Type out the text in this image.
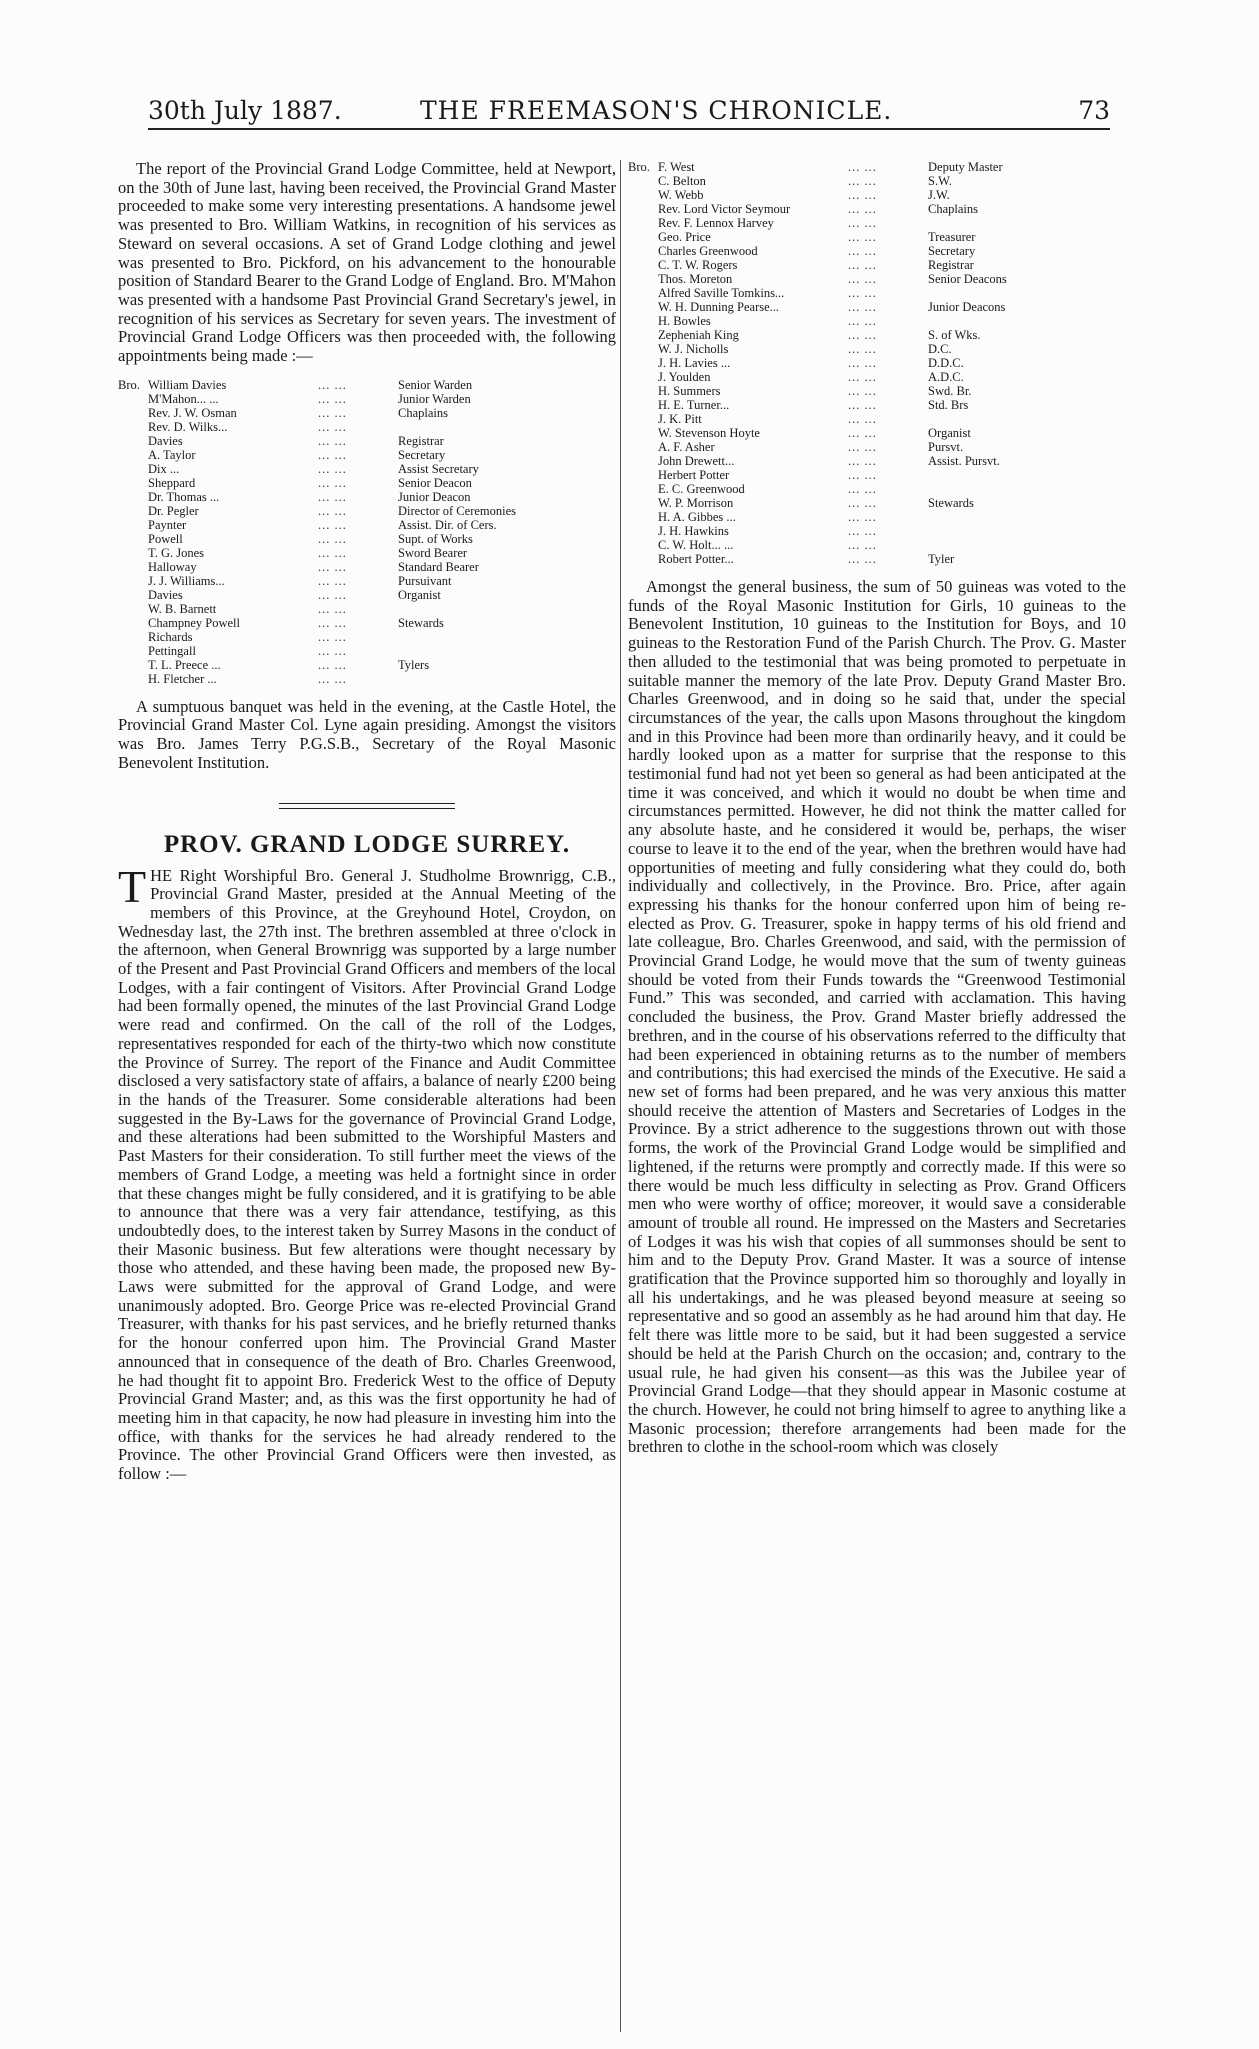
30th July 1887.	THE FREEMASON'S CHRONICLE.	73

The report of the Provincial Grand Lodge Committee, held at Newport, on the 30th of June last, having been received, the Provincial Grand Master proceeded to make some very interesting presentations. A handsome jewel was presented to Bro. William Watkins, in recognition of his services as Steward on several occasions. A set of Grand Lodge clothing and jewel was presented to Bro. Pickford, on his advancement to the honourable position of Standard Bearer to the Grand Lodge of England. Bro. M'Mahon was presented with a handsome Past Provincial Grand Secretary's jewel, in recognition of his services as Secretary for seven years. The investment of Provincial Grand Lodge Officers was then proceeded with, the following appointments being made :—

Bro.	William Davies	... ...	Senior Warden
	M'Mahon... ...	... ...	Junior Warden
	Rev. J. W. Osman	... ...	Chaplains
	Rev. D. Wilks...	... ...	
	Davies	... ...	Registrar
	A. Taylor	... ...	Secretary
	Dix ...	... ...	Assist Secretary
	Sheppard	... ...	Senior Deacon
	Dr. Thomas ...	... ...	Junior Deacon
	Dr. Pegler	... ...	Director of Ceremonies
	Paynter	... ...	Assist. Dir. of Cers.
	Powell	... ...	Supt. of Works
	T. G. Jones	... ...	Sword Bearer
	Halloway	... ...	Standard Bearer
	J. J. Williams...	... ...	Pursuivant
	Davies	... ...	Organist
	W. B. Barnett	... ...	
	Champney Powell	... ...	Stewards
	Richards	... ...	
	Pettingall	... ...	
	T. L. Preece ...	... ...	Tylers
	H. Fletcher ...	... ...	

A sumptuous banquet was held in the evening, at the Castle Hotel, the Provincial Grand Master Col. Lyne again presiding. Amongst the visitors was Bro. James Terry P.G.S.B., Secretary of the Royal Masonic Benevolent Institution.

PROV. GRAND LODGE SURREY.

THE Right Worshipful Bro. General J. Studholme Brownrigg, C.B., Provincial Grand Master, presided at the Annual Meeting of the members of this Province, at the Greyhound Hotel, Croydon, on Wednesday last, the 27th inst. The brethren assembled at three o'clock in the afternoon, when General Brownrigg was supported by a large number of the Present and Past Provincial Grand Officers and members of the local Lodges, with a fair contingent of Visitors. After Provincial Grand Lodge had been formally opened, the minutes of the last Provincial Grand Lodge were read and confirmed. On the call of the roll of the Lodges, representatives responded for each of the thirty-two which now constitute the Province of Surrey. The report of the Finance and Audit Committee disclosed a very satisfactory state of affairs, a balance of nearly £200 being in the hands of the Treasurer. Some considerable alterations had been suggested in the By-Laws for the governance of Provincial Grand Lodge, and these alterations had been submitted to the Worshipful Masters and Past Masters for their consideration. To still further meet the views of the members of Grand Lodge, a meeting was held a fortnight since in order that these changes might be fully considered, and it is gratifying to be able to announce that there was a very fair attendance, testifying, as this undoubtedly does, to the interest taken by Surrey Masons in the conduct of their Masonic business. But few alterations were thought necessary by those who attended, and these having been made, the proposed new By-Laws were submitted for the approval of Grand Lodge, and were unanimously adopted. Bro. George Price was re-elected Provincial Grand Treasurer, with thanks for his past services, and he briefly returned thanks for the honour conferred upon him. The Provincial Grand Master announced that in consequence of the death of Bro. Charles Greenwood, he had thought fit to appoint Bro. Frederick West to the office of Deputy Provincial Grand Master; and, as this was the first opportunity he had of meeting him in that capacity, he now had pleasure in investing him into the office, with thanks for the services he had already rendered to the Province. The other Provincial Grand Officers were then invested, as follow :—

Bro.	F. West	... ...	Deputy Master
	C. Belton	... ...	S.W.
	W. Webb	... ...	J.W.
	Rev. Lord Victor Seymour	... ...	Chaplains
	Rev. F. Lennox Harvey	... ...	
	Geo. Price	... ...	Treasurer
	Charles Greenwood	... ...	Secretary
	C. T. W. Rogers	... ...	Registrar
	Thos. Moreton	... ...	Senior Deacons
	Alfred Saville Tomkins...	... ...	
	W. H. Dunning Pearse...	... ...	Junior Deacons
	H. Bowles	... ...	
	Zepheniah King	... ...	S. of Wks.
	W. J. Nicholls	... ...	D.C.
	J. H. Lavies ...	... ...	D.D.C.
	J. Youlden	... ...	A.D.C.
	H. Summers	... ...	Swd. Br.
	H. E. Turner...	... ...	Std. Brs
	J. K. Pitt	... ...	
	W. Stevenson Hoyte	... ...	Organist
	A. F. Asher	... ...	Pursvt.
	John Drewett...	... ...	Assist. Pursvt.
	Herbert Potter	... ...	
	E. C. Greenwood	... ...	
	W. P. Morrison	... ...	Stewards
	H. A. Gibbes ...	... ...	
	J. H. Hawkins	... ...	
	C. W. Holt... ...	... ...	
	Robert Potter...	... ...	Tyler

Amongst the general business, the sum of 50 guineas was voted to the funds of the Royal Masonic Institution for Girls, 10 guineas to the Benevolent Institution, 10 guineas to the Institution for Boys, and 10 guineas to the Restoration Fund of the Parish Church. The Prov. G. Master then alluded to the testimonial that was being promoted to perpetuate in suitable manner the memory of the late Prov. Deputy Grand Master Bro. Charles Greenwood, and in doing so he said that, under the special circumstances of the year, the calls upon Masons throughout the kingdom and in this Province had been more than ordinarily heavy, and it could be hardly looked upon as a matter for surprise that the response to this testimonial fund had not yet been so general as had been anticipated at the time it was conceived, and which it would no doubt be when time and circumstances permitted. However, he did not think the matter called for any absolute haste, and he considered it would be, perhaps, the wiser course to leave it to the end of the year, when the brethren would have had opportunities of meeting and fully considering what they could do, both individually and collectively, in the Province. Bro. Price, after again expressing his thanks for the honour conferred upon him of being re-elected as Prov. G. Treasurer, spoke in happy terms of his old friend and late colleague, Bro. Charles Greenwood, and said, with the permission of Provincial Grand Lodge, he would move that the sum of twenty guineas should be voted from their Funds towards the “Greenwood Testimonial Fund.” This was seconded, and carried with acclamation. This having concluded the business, the Prov. Grand Master briefly addressed the brethren, and in the course of his observations referred to the difficulty that had been experienced in obtaining returns as to the number of members and contributions; this had exercised the minds of the Executive. He said a new set of forms had been prepared, and he was very anxious this matter should receive the attention of Masters and Secretaries of Lodges in the Province. By a strict adherence to the suggestions thrown out with those forms, the work of the Provincial Grand Lodge would be simplified and lightened, if the returns were promptly and correctly made. If this were so there would be much less difficulty in selecting as Prov. Grand Officers men who were worthy of office; moreover, it would save a considerable amount of trouble all round. He impressed on the Masters and Secretaries of Lodges it was his wish that copies of all summonses should be sent to him and to the Deputy Prov. Grand Master. It was a source of intense gratification that the Province supported him so thoroughly and loyally in all his undertakings, and he was pleased beyond measure at seeing so representative and so good an assembly as he had around him that day. He felt there was little more to be said, but it had been suggested a service should be held at the Parish Church on the occasion; and, contrary to the usual rule, he had given his consent—as this was the Jubilee year of Provincial Grand Lodge—that they should appear in Masonic costume at the church. However, he could not bring himself to agree to anything like a Masonic procession; therefore arrangements had been made for the brethren to clothe in the school-room which was closely
